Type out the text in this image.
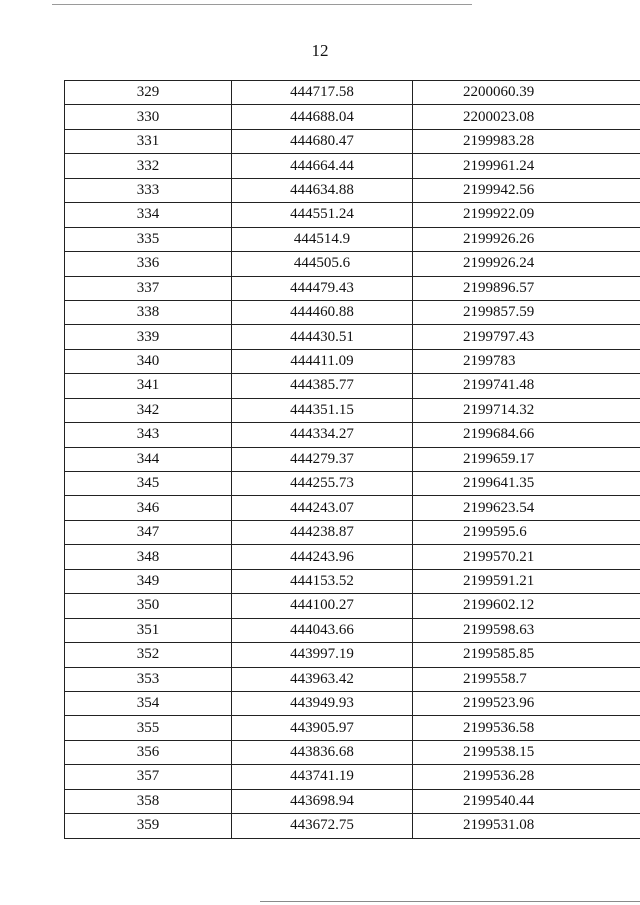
12
329	444717.58	2200060.39
330	444688.04	2200023.08
331	444680.47	2199983.28
332	444664.44	2199961.24
333	444634.88	2199942.56
334	444551.24	2199922.09
335	444514.9	2199926.26
336	444505.6	2199926.24
337	444479.43	2199896.57
338	444460.88	2199857.59
339	444430.51	2199797.43
340	444411.09	2199783
341	444385.77	2199741.48
342	444351.15	2199714.32
343	444334.27	2199684.66
344	444279.37	2199659.17
345	444255.73	2199641.35
346	444243.07	2199623.54
347	444238.87	2199595.6
348	444243.96	2199570.21
349	444153.52	2199591.21
350	444100.27	2199602.12
351	444043.66	2199598.63
352	443997.19	2199585.85
353	443963.42	2199558.7
354	443949.93	2199523.96
355	443905.97	2199536.58
356	443836.68	2199538.15
357	443741.19	2199536.28
358	443698.94	2199540.44
359	443672.75	2199531.08
